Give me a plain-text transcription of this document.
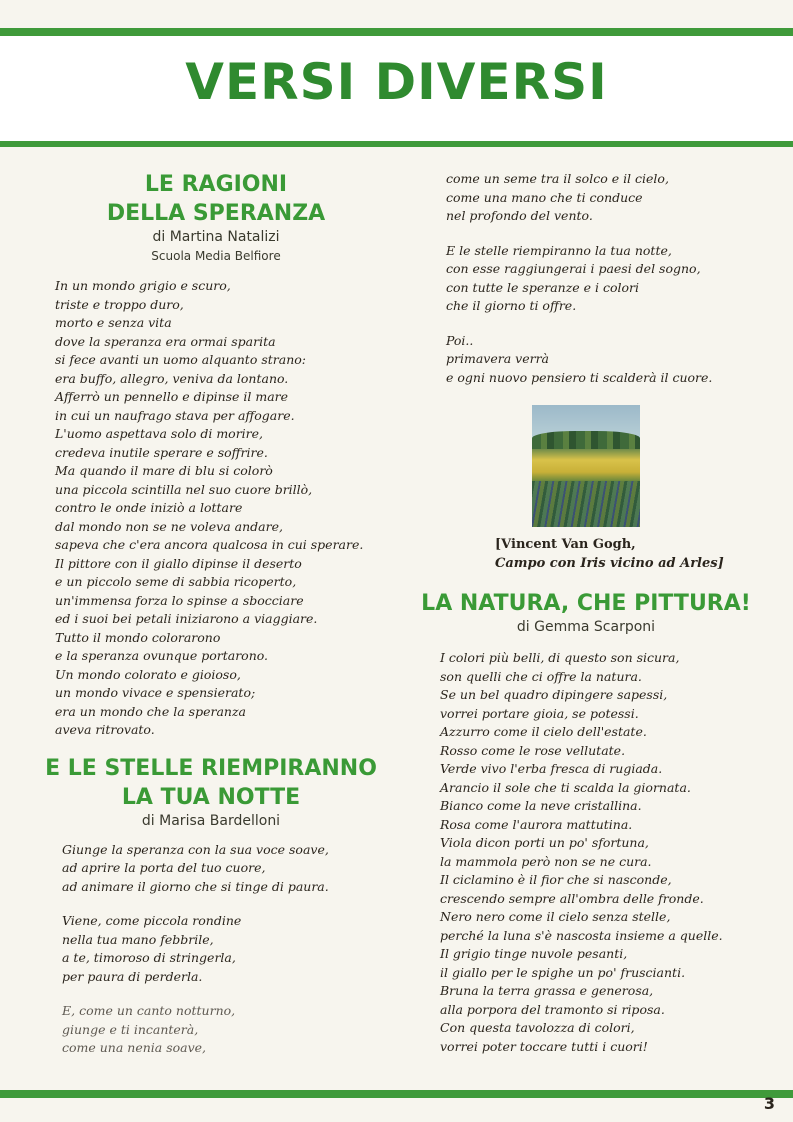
VERSI DIVERSI

LE RAGIONI

DELLA SPERANZA

di Martina Natalizi

Scuola Media Belfiore

In un mondo grigio e scuro,

triste e troppo duro,

morto e senza vita

dove la speranza era ormai sparita

si fece avanti un uomo alquanto strano:

era buffo, allegro, veniva da lontano.

Afferrò un pennello e dipinse il mare

in cui un naufrago stava per affogare.

L'uomo aspettava solo di morire,

credeva inutile sperare e soffrire.

Ma quando il mare di blu si colorò

una piccola scintilla nel suo cuore brillò,

contro le onde iniziò a lottare

dal mondo non se ne voleva andare,

sapeva che c'era ancora qualcosa in cui sperare.

Il pittore con il giallo dipinse il deserto

e un piccolo seme di sabbia ricoperto,

un'immensa forza lo spinse a sbocciare

ed i suoi bei petali iniziarono a viaggiare.

Tutto il mondo colorarono

e la speranza ovunque portarono.

Un mondo colorato e gioioso,

un mondo vivace e spensierato;

era un mondo che la speranza

aveva ritrovato.

E LE STELLE RIEMPIRANNO

LA TUA NOTTE

di Marisa Bardelloni

Giunge la speranza con la sua voce soave,

ad aprire la porta del tuo cuore,

ad animare il giorno che si tinge di paura.

Viene, come piccola rondine

nella tua mano febbrile,

a te, timoroso di stringerla,

per paura di perderla.

E, come un canto notturno,

giunge e ti incanterà,

come una nenia soave,

come un seme tra il solco e il cielo,

come una mano che ti conduce

nel profondo del vento.

E le stelle riempiranno la tua notte,

con esse raggiungerai i paesi del sogno,

con tutte le speranze e i colori

che il giorno ti offre.

Poi..

primavera verrà

e ogni nuovo pensiero ti scalderà il cuore.

[Vincent Van Gogh,
Campo con Iris vicino ad Arles]

LA NATURA, CHE PITTURA!

di Gemma Scarponi

I colori più belli, di questo son sicura,

son quelli che ci offre la natura.

Se un bel quadro dipingere sapessi,

vorrei portare gioia, se potessi.

Azzurro come il cielo dell'estate.

Rosso come le rose vellutate.

Verde vivo l'erba fresca di rugiada.

Arancio il sole che ti scalda la giornata.

Bianco come la neve cristallina.

Rosa come l'aurora mattutina.

Viola dicon porti un po' sfortuna,

la mammola però non se ne cura.

Il ciclamino è il fior che si nasconde,

crescendo sempre all'ombra delle fronde.

Nero nero come il cielo senza stelle,

perché la luna s'è nascosta insieme a quelle.

Il grigio tinge nuvole pesanti,

il giallo per le spighe un po' fruscianti.

Bruna la terra grassa e generosa,

alla porpora del tramonto si riposa.

Con questa tavolozza di colori,

vorrei poter toccare tutti i cuori!

3
